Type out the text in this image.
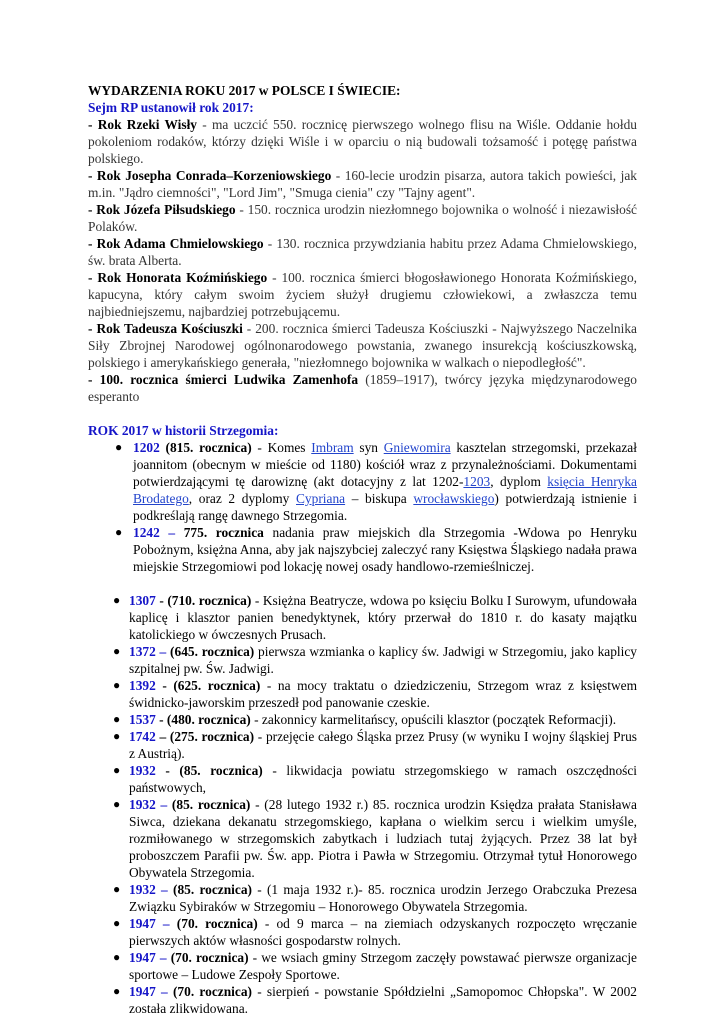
WYDARZENIA ROKU 2017 w POLSCE I ŚWIECIE:
Sejm RP ustanowił rok 2017:
- Rok Rzeki Wisły - ma uczcić 550. rocznicę pierwszego wolnego flisu na Wiśle. Oddanie hołdu pokoleniom rodaków, którzy dzięki Wiśle i w oparciu o nią budowali tożsamość i potęgę państwa polskiego.
- Rok Josepha Conrada–Korzeniowskiego - 160-lecie urodzin pisarza, autora takich powieści, jak m.in. "Jądro ciemności", "Lord Jim", "Smuga cienia" czy "Tajny agent".
- Rok Józefa Piłsudskiego - 150. rocznica urodzin niezłomnego bojownika o wolność i niezawisłość Polaków.
- Rok Adama Chmielowskiego - 130. rocznica przywdziania habitu przez Adama Chmielowskiego, św. brata Alberta.
- Rok Honorata Koźmińskiego - 100. rocznica śmierci błogosławionego Honorata Koźmińskiego, kapucyna, który całym swoim życiem służył drugiemu człowiekowi, a zwłaszcza temu najbiedniejszemu, najbardziej potrzebującemu.
- Rok Tadeusza Kościuszki - 200. rocznica śmierci Tadeusza Kościuszki - Najwyższego Naczelnika Siły Zbrojnej Narodowej ogólnonarodowego powstania, zwanego insurekcją kościuszkowską, polskiego i amerykańskiego generała, "niezłomnego bojownika w walkach o niepodległość".
- 100. rocznica śmierci Ludwika Zamenhofa (1859–1917), twórcy języka międzynarodowego esperanto
ROK 2017 w historii Strzegomia:
● 1202 (815. rocznica) - Komes Imbram syn Gniewomira kasztelan strzegomski, przekazał joannitom (obecnym w mieście od 1180) kościół wraz z przynależnościami. Dokumentami potwierdzającymi tę darowiznę (akt dotacyjny z lat 1202-1203, dyplom księcia Henryka Brodatego, oraz 2 dyplomy Cypriana – biskupa wrocławskiego) potwierdzają istnienie i podkreślają rangę dawnego Strzegomia.
● 1242 – 775. rocznica nadania praw miejskich dla Strzegomia -Wdowa po Henryku Pobożnym, księżna Anna, aby jak najszybciej zaleczyć rany Księstwa Śląskiego nadała prawa miejskie Strzegomiowi pod lokację nowej osady handlowo-rzemieślniczej.
● 1307 - (710. rocznica) - Księżna Beatrycze, wdowa po księciu Bolku I Surowym, ufundowała kaplicę i klasztor panien benedyktynek, który przerwał do 1810 r. do kasaty majątku katolickiego w ówczesnych Prusach.
● 1372 – (645. rocznica) pierwsza wzmianka o kaplicy św. Jadwigi w Strzegomiu, jako kaplicy szpitalnej pw. Św. Jadwigi.
● 1392 - (625. rocznica) - na mocy traktatu o dziedziczeniu, Strzegom wraz z księstwem świdnicko-jaworskim przeszedł pod panowanie czeskie.
● 1537 - (480. rocznica) - zakonnicy karmelitańscy, opuścili klasztor (początek Reformacji).
● 1742 – (275. rocznica) - przejęcie całego Śląska przez Prusy (w wyniku I wojny śląskiej Prus z Austrią).
● 1932 - (85. rocznica) - likwidacja powiatu strzegomskiego w ramach oszczędności państwowych,
● 1932 – (85. rocznica) - (28 lutego 1932 r.) 85. rocznica urodzin Księdza prałata Stanisława Siwca, dziekana dekanatu strzegomskiego, kapłana o wielkim sercu i wielkim umyśle, rozmiłowanego w strzegomskich zabytkach i ludziach tutaj żyjących. Przez 38 lat był proboszczem Parafii pw. Św. app. Piotra i Pawła w Strzegomiu. Otrzymał tytuł Honorowego Obywatela Strzegomia.
● 1932 – (85. rocznica) - (1 maja 1932 r.)- 85. rocznica urodzin Jerzego Orabczuka Prezesa Związku Sybiraków w Strzegomiu – Honorowego Obywatela Strzegomia.
● 1947 – (70. rocznica) - od 9 marca – na ziemiach odzyskanych rozpoczęto wręczanie pierwszych aktów własności gospodarstw rolnych.
● 1947 – (70. rocznica) - we wsiach gminy Strzegom zaczęły powstawać pierwsze organizacje sportowe – Ludowe Zespoły Sportowe.
● 1947 – (70. rocznica) - sierpień - powstanie Spółdzielni „Samopomoc Chłopska". W 2002 została zlikwidowana.
